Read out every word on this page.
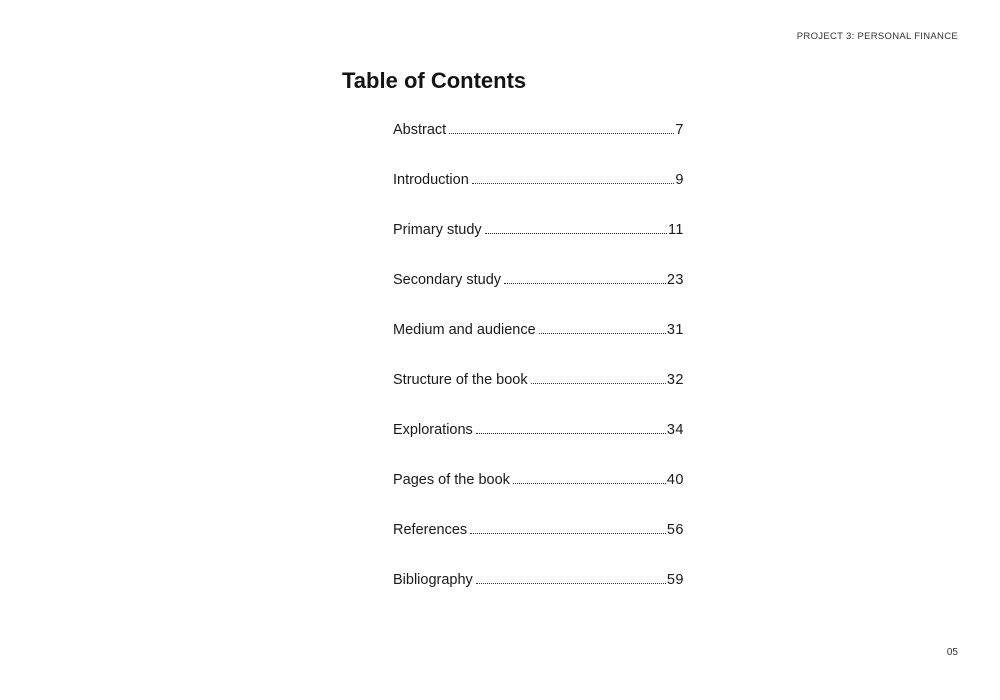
PROJECT 3: PERSONAL FINANCE
Table of Contents
Abstract	7
Introduction	9
Primary study	11
Secondary study	23
Medium and audience	31
Structure of the book	32
Explorations	34
Pages of the book	40
References	56
Bibliography	59
05
